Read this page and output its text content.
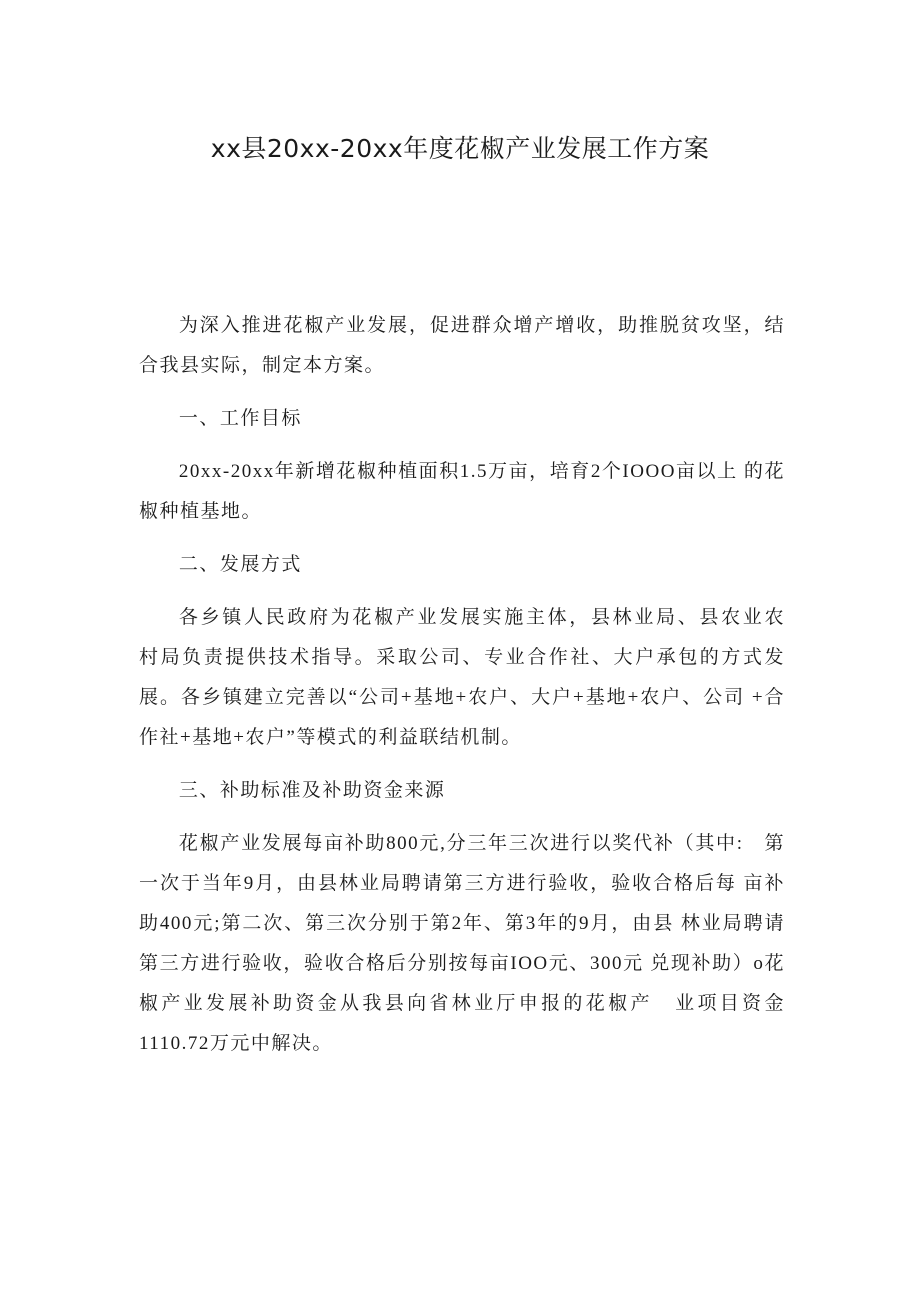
xx县20xx-20xx年度花椒产业发展工作方案

为深入推进花椒产业发展，促进群众增产增收，助推脱贫攻坚，结合我县实际，制定本方案。

一、工作目标

20xx-20xx年新增花椒种植面积1.5万亩，培育2个IOOO亩以上 的花椒种植基地。

二、发展方式

各乡镇人民政府为花椒产业发展实施主体，县林业局、县农业农　村局负责提供技术指导。采取公司、专业合作社、大户承包的方式发 展。各乡镇建立完善以“公司+基地+农户、大户+基地+农户、公司 +合作社+基地+农户”等模式的利益联结机制。

三、补助标准及补助资金来源

花椒产业发展每亩补助800元,分三年三次进行以奖代补（其中:　第一次于当年9月，由县林业局聘请第三方进行验收，验收合格后每 亩补助400元;第二次、第三次分别于第2年、第3年的9月，由县 林业局聘请第三方进行验收，验收合格后分别按每亩IOO元、300元 兑现补助）o花椒产业发展补助资金从我县向省林业厅申报的花椒产　业项目资金1110.72万元中解决。
